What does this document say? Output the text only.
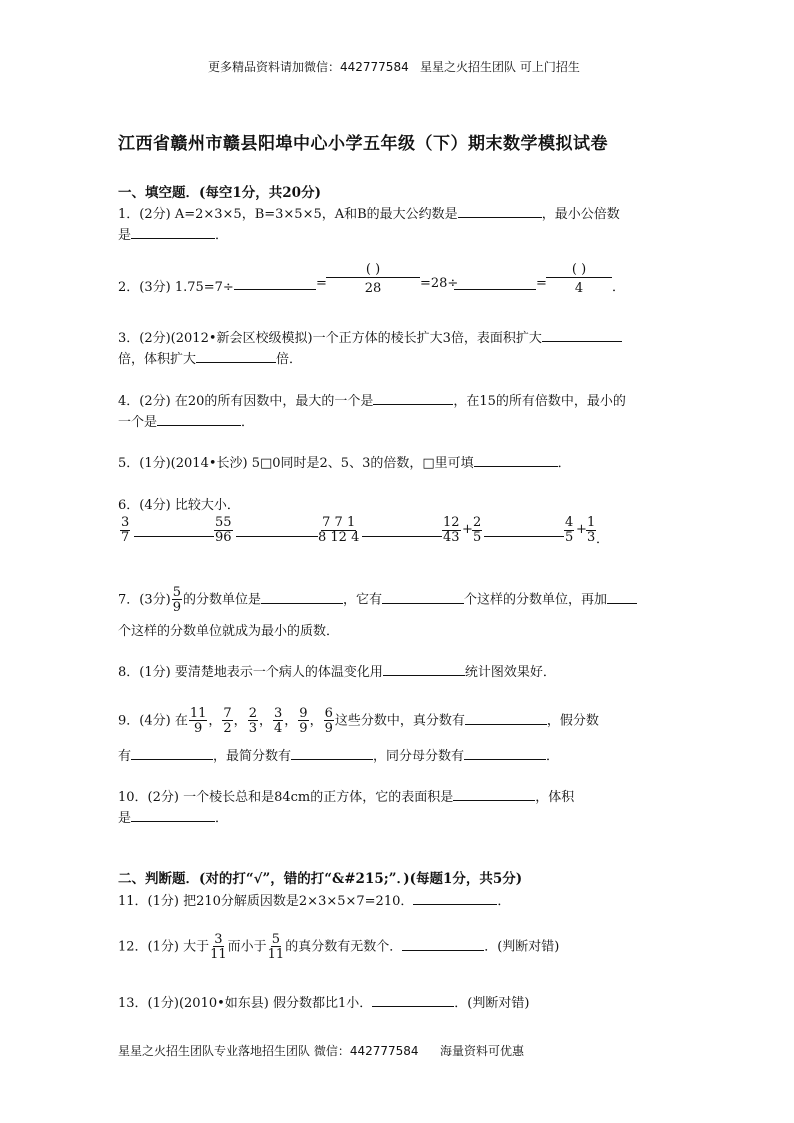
更多精品资料请加微信：442777584 星星之火招生团队 可上门招生
江西省赣州市赣县阳埠中心小学五年级（下）期末数学模拟试卷
一、填空题．(每空1分，共20分)
1．(2分) A=2×3×5，B=3×5×5，A和B的最大公约数是	，最小公倍数
是	．
2．(3分) 1.75=7÷	=
( )
28	=28÷	=
( )
4	．
3．(2分)(2012•新会区校级模拟)一个正方体的棱长扩大3倍，表面积扩大
倍，体积扩大	倍．
4．(2分) 在20的所有因数中，最大的一个是	，在15的所有倍数中，最小的
一个是	．
5．(1分)(2014•长沙) 5□0同时是2、5、3的倍数，□里可填	．
6．(4分) 比较大小．
3
7
55
96
7 7 1
8 12 4
12
43
+ 2
5
4
5
+ 1
3 ．
7．(3分) $\frac{5}{9}$ 的分数单位是	，它有	个这样的分数单位，再加
个这样的分数单位就成为最小的质数．
8．(1分) 要清楚地表示一个病人的体温变化用	统计图效果好．
9．(4分) 在 $\frac{11}{9}$ ， $\frac{7}{2}$ ， $\frac{2}{3}$ ， $\frac{3}{4}$ ， $\frac{9}{9}$ ， $\frac{6}{9}$ 这些分数中，真分数有	，假分数
有	，最简分数有	，同分母分数有	．
10．(2分) 一个棱长总和是84cm的正方体，它的表面积是	，体积
是	．
二、判断题．(对的打“√”，错的打“&#215;”．)(每题1分，共5分)
11．(1分) 把210分解质因数是2×3×5×7=210．	．
12．(1分) 大于 $\frac{3}{11}$ 而小于 $\frac{5}{11}$ 的真分数有无数个．	．(判断对错)
13．(1分)(2010•如东县) 假分数都比1小．	．(判断对错)
星星之火招生团队专业落地招生团队 微信：442777584 海量资料可优惠
